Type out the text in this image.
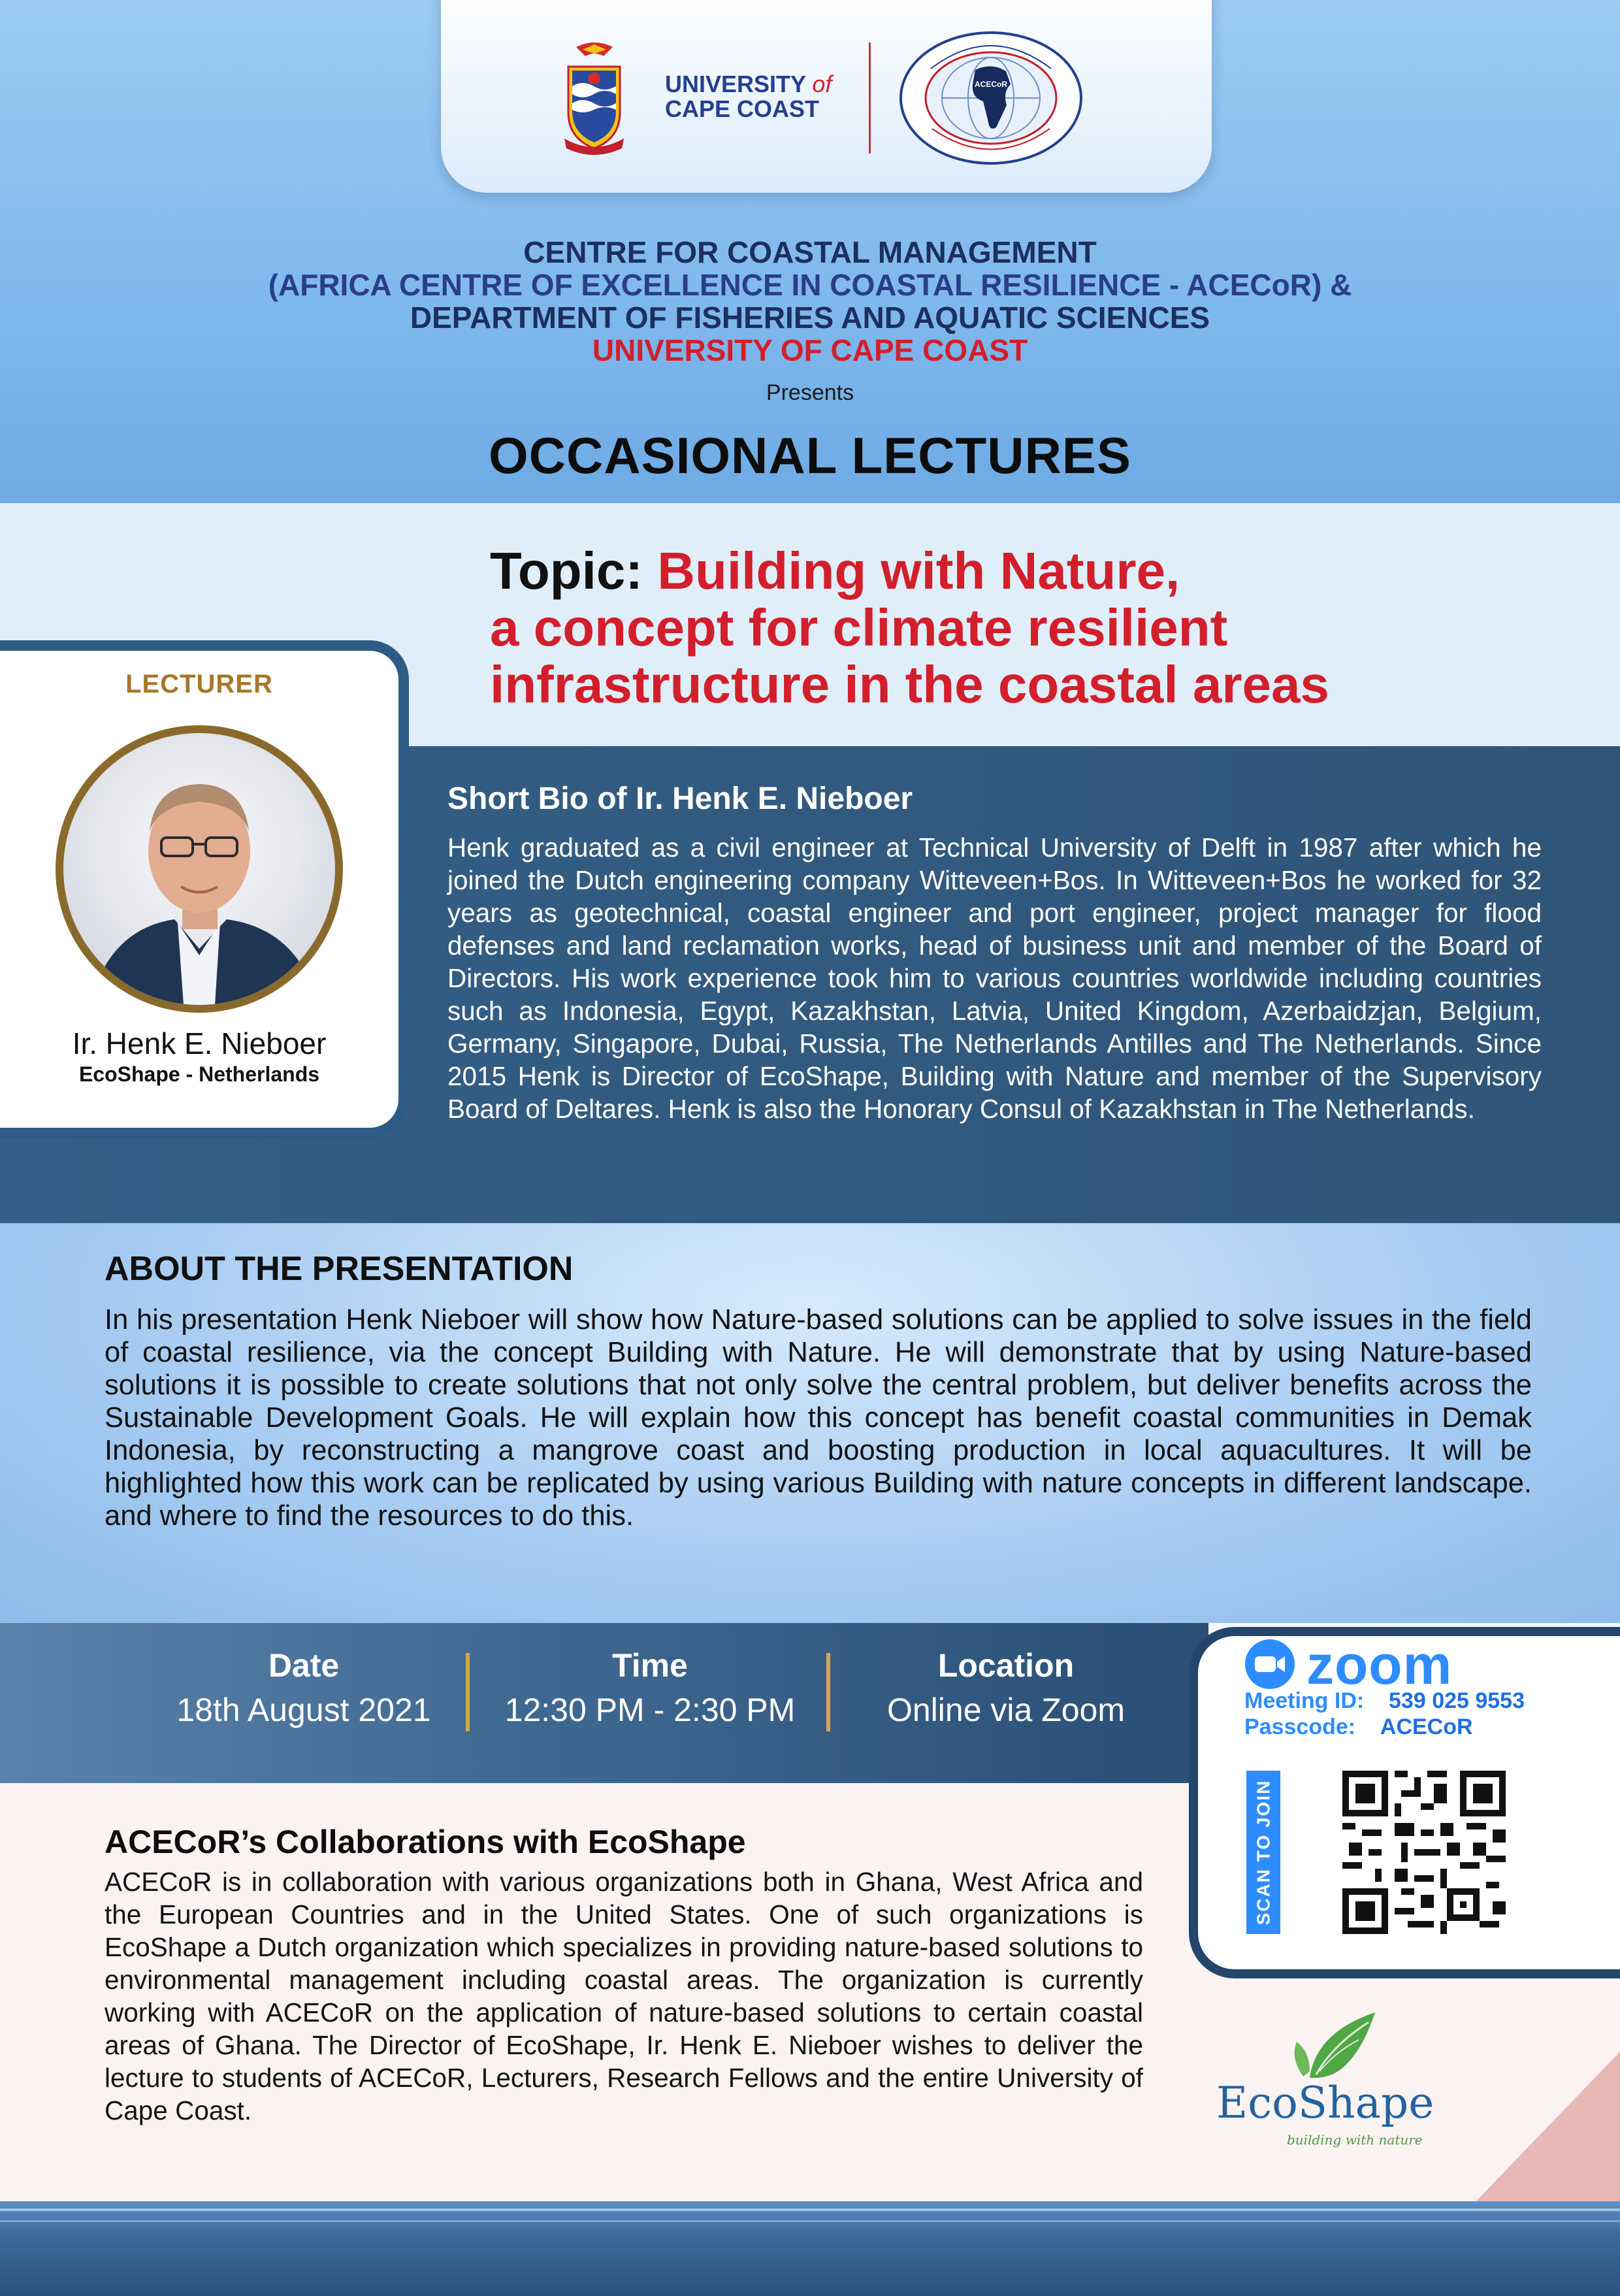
UNIVERSITY of
CAPE COAST
ACECoR
CENTRE FOR COASTAL MANAGEMENT
(AFRICA CENTRE OF EXCELLENCE IN COASTAL RESILIENCE - ACECoR) &
DEPARTMENT OF FISHERIES AND AQUATIC SCIENCES
UNIVERSITY OF CAPE COAST
Presents
OCCASIONAL LECTURES
Topic: Building with Nature,
a concept for climate resilient
infrastructure in the coastal areas
LECTURER
Ir. Henk E. Nieboer
EcoShape - Netherlands
Short Bio of Ir. Henk E. Nieboer
Henk graduated as a civil engineer at Technical University of Delft in 1987 after which he joined the Dutch engineering company Witteveen+Bos. In Witteveen+Bos he worked for 32 years as geotechnical, coastal engineer and port engineer, project manager for flood defenses and land reclamation works, head of business unit and member of the Board of Directors. His work experience took him to various countries worldwide including countries such as Indonesia, Egypt, Kazakhstan, Latvia, United Kingdom, Azerbaidzjan, Belgium, Germany, Singapore, Dubai, Russia, The Netherlands Antilles and The Netherlands. Since 2015 Henk is Director of EcoShape, Building with Nature and member of the Supervisory Board of Deltares. Henk is also the Honorary Consul of Kazakhstan in The Netherlands.
ABOUT THE PRESENTATION
In his presentation Henk Nieboer will show how Nature-based solutions can be applied to solve issues in the field of coastal resilience, via the concept Building with Nature. He will demonstrate that by using Nature-based solutions it is possible to create solutions that not only solve the central problem, but deliver benefits across the Sustainable Development Goals. He will explain how this concept has benefit coastal communities in Demak Indonesia, by reconstructing a mangrove coast and boosting production in local aquacultures. It will be highlighted how this work can be replicated by using various Building with nature concepts in different landscape. and where to find the resources to do this.
Date
18th August 2021
Time
12:30 PM - 2:30 PM
Location
Online via Zoom
zoom
Meeting ID: 539 025 9553
Passcode: ACECoR
SCAN TO JOIN
ACECoR’s Collaborations with EcoShape
ACECoR is in collaboration with various organizations both in Ghana, West Africa and the European Countries and in the United States. One of such organizations is EcoShape a Dutch organization which specializes in providing nature-based solutions to environmental management including coastal areas. The organization is currently working with ACECoR on the application of nature-based solutions to certain coastal areas of Ghana. The Director of EcoShape, Ir. Henk E. Nieboer wishes to deliver the lecture to students of ACECoR, Lecturers, Research Fellows and the entire University of Cape Coast.	EcoShape
building with nature
